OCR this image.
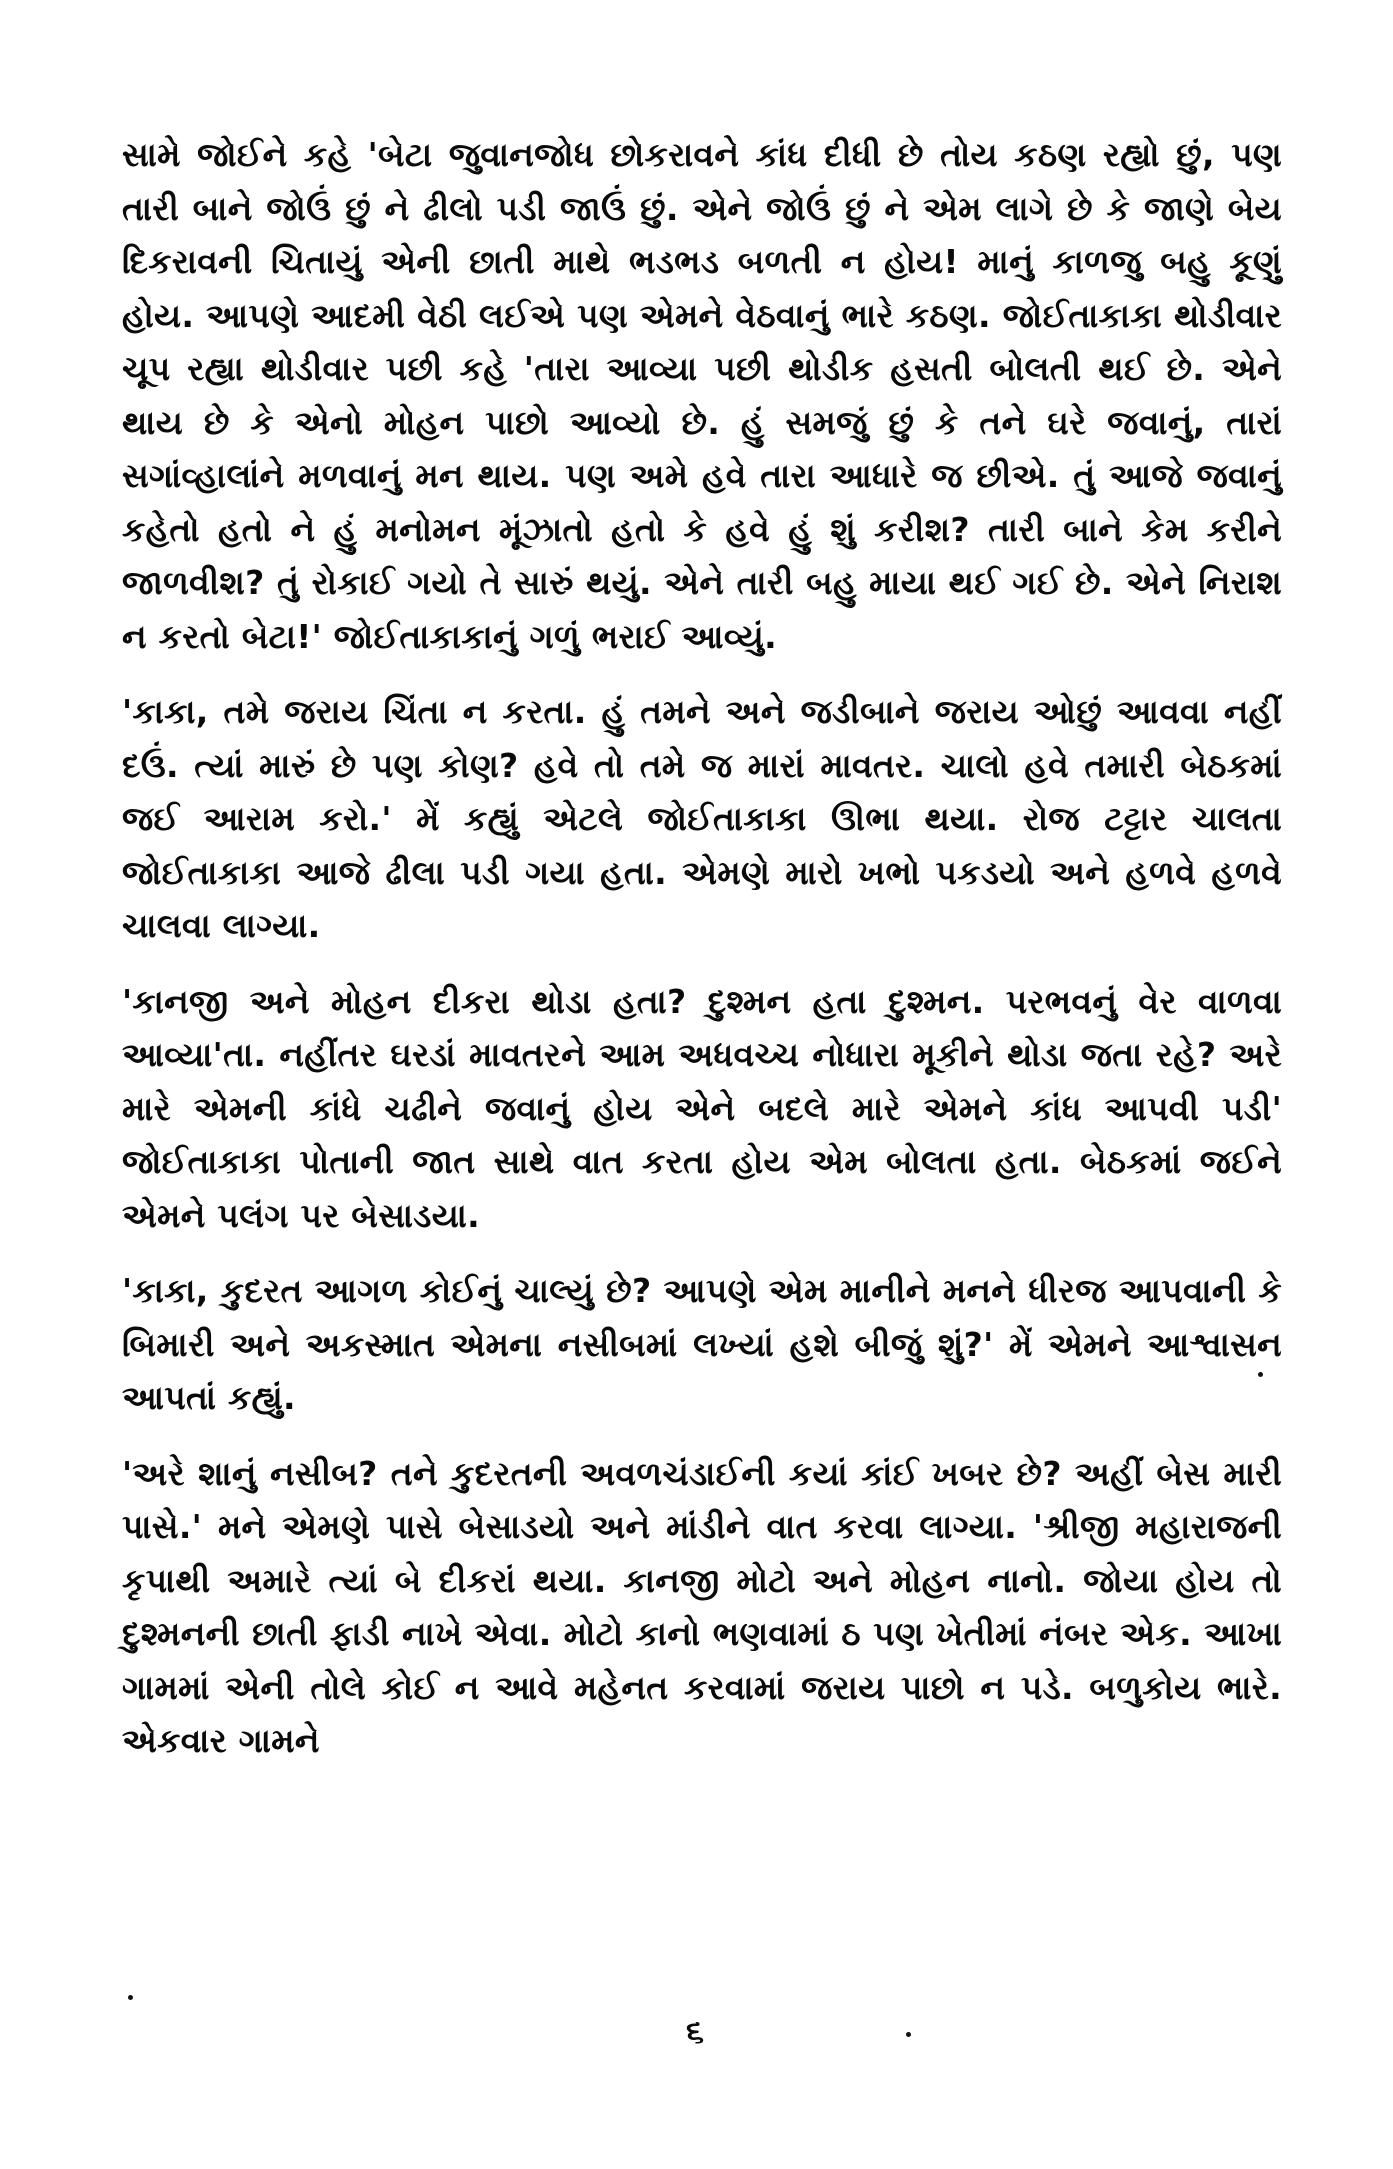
સામે જોઈને કહે 'બેટા જુવાનજોધ છોકરાવને કાંધ દીધી છે તોય કઠણ રહ્યો છું, પણ તારી બાને જોઉં છું ને ઢીલો પડી જાઉં છું. એને જોઉં છું ને એમ લાગે છે કે જાણે બેય દિકરાવની ચિતાયું એની છાતી માથે ભડભડ બળતી ન હોય! માનું કાળજુ બહુ કૂણું હોય. આપણે આદમી વેઠી લઈએ પણ એમને વેઠવાનું ભારે કઠણ. જોઈતાકાકા થોડીવાર ચૂપ રહ્યા થોડીવાર પછી કહે 'તારા આવ્યા પછી થોડીક હસતી બોલતી થઈ છે. એને થાય છે કે એનો મોહન પાછો આવ્યો છે. હું સમજું છું કે તને ઘરે જવાનું, તારાં સગાંવ્હાલાંને મળવાનું મન થાય. પણ અમે હવે તારા આધારે જ છીએ. તું આજે જવાનું કહેતો હતો ને હું મનોમન મૂંઝાતો હતો કે હવે હું શું કરીશ? તારી બાને કેમ કરીને જાળવીશ? તું રોકાઈ ગયો તે સારું થયું. એને તારી બહુ માયા થઈ ગઈ છે. એને નિરાશ ન કરતો બેટા!' જોઈતાકાકાનું ગળું ભરાઈ આવ્યું.

'કાકા, તમે જરાય ચિંતા ન કરતા. હું તમને અને જડીબાને જરાય ઓછું આવવા નહીં દઉં. ત્યાં મારું છે પણ કોણ? હવે તો તમે જ મારાં માવતર. ચાલો હવે તમારી બેઠકમાં જઈ આરામ કરો.' મેં કહ્યું એટલે જોઈતાકાકા ઊભા થયા. રોજ ટટ્ટાર ચાલતા જોઈતાકાકા આજે ઢીલા પડી ગયા હતા. એમણે મારો ખભો પકડયો અને હળવે હળવે ચાલવા લાગ્યા.

'કાનજી અને મોહન દીકરા થોડા હતા? દુશ્મન હતા દુશ્મન. પરભવનું વેર વાળવા આવ્યા'તા. નહીંતર ઘરડાં માવતરને આમ અધવચ્ચ નોધારા મૂકીને થોડા જતા રહે? અરે મારે એમની કાંધે ચઢીને જવાનું હોય એને બદલે મારે એમને કાંધ આપવી પડી' જોઈતાકાકા પોતાની જાત સાથે વાત કરતા હોય એમ બોલતા હતા. બેઠકમાં જઈને એમને પલંગ પર બેસાડયા.

'કાકા, કુદરત આગળ કોઈનું ચાલ્યું છે? આપણે એમ માનીને મનને ધીરજ આપવાની કે બિમારી અને અકસ્માત એમના નસીબમાં લખ્યાં હશે બીજું શું?' મેં એમને આશ્વાસન આપતાં કહ્યું.

'અરે શાનું નસીબ? તને કુદરતની અવળચંડાઈની કયાં કાંઈ ખબર છે? અહીં બેસ મારી પાસે.' મને એમણે પાસે બેસાડયો અને માંડીને વાત કરવા લાગ્યા. 'શ્રીજી મહારાજની કૃપાથી અમારે ત્યાં બે દીકરાં થયા. કાનજી મોટો અને મોહન નાનો. જોયા હોય તો દુશ્મનની છાતી ફાડી નાખે એવા. મોટો કાનો ભણવામાં ઠ પણ ખેતીમાં નંબર એક. આખા ગામમાં એની તોલે કોઈ ન આવે મહેનત કરવામાં જરાય પાછો ન પડે. બળુકોય ભારે. એકવાર ગામને

૬
